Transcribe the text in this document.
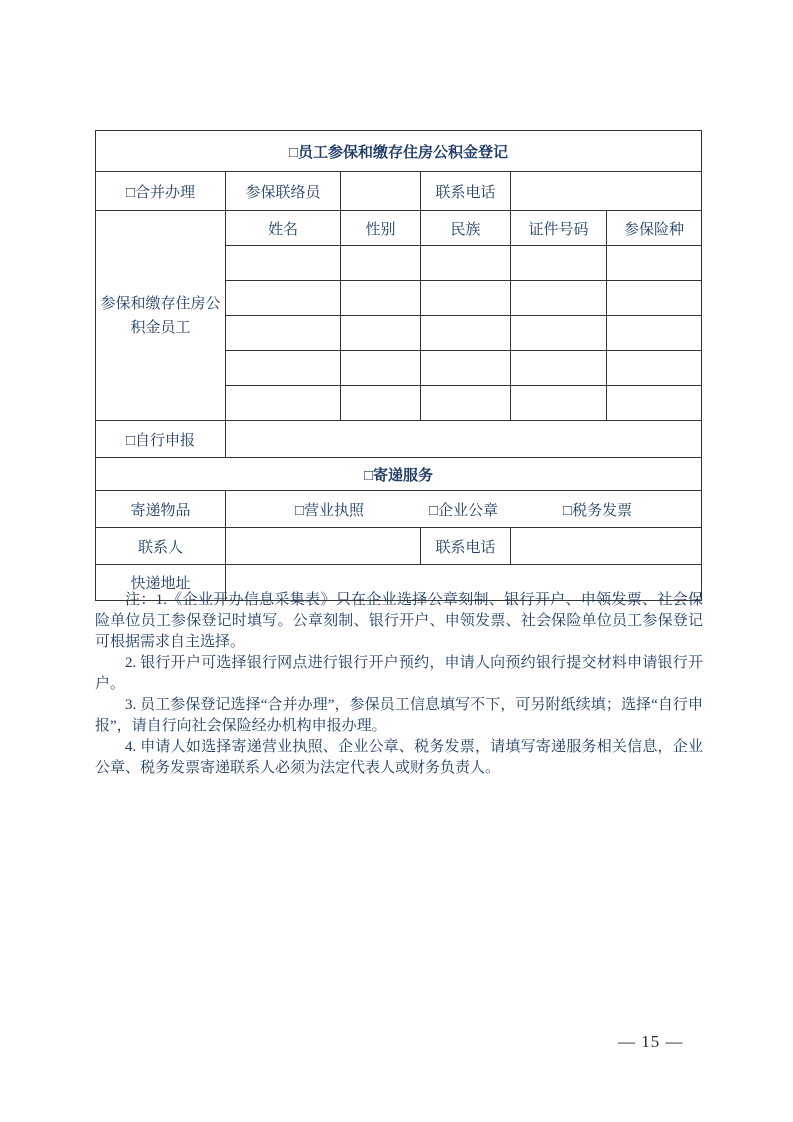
□员工参保和缴存住房公积金登记					
□合并办理	参保联络员		联系电话		
参保和缴存住房公积金员工	姓名	性别	民族	证件号码	参保险种

□自行申报					
□寄递服务					
寄递物品	□营业执照 □企业公章 □税务发票				

联系人			联系电话		
快递地址					

注：1.《企业开办信息采集表》只在企业选择公章刻制、银行开户、申领发票、社会保险单位员工参保登记时填写。公章刻制、银行开户、申领发票、社会保险单位员工参保登记可根据需求自主选择。

2. 银行开户可选择银行网点进行银行开户预约，申请人向预约银行提交材料申请银行开户。

3. 员工参保登记选择“合并办理”，参保员工信息填写不下，可另附纸续填；选择“自行申报”，请自行向社会保险经办机构申报办理。

4. 申请人如选择寄递营业执照、企业公章、税务发票，请填写寄递服务相关信息，企业公章、税务发票寄递联系人必须为法定代表人或财务负责人。

— 15 —
